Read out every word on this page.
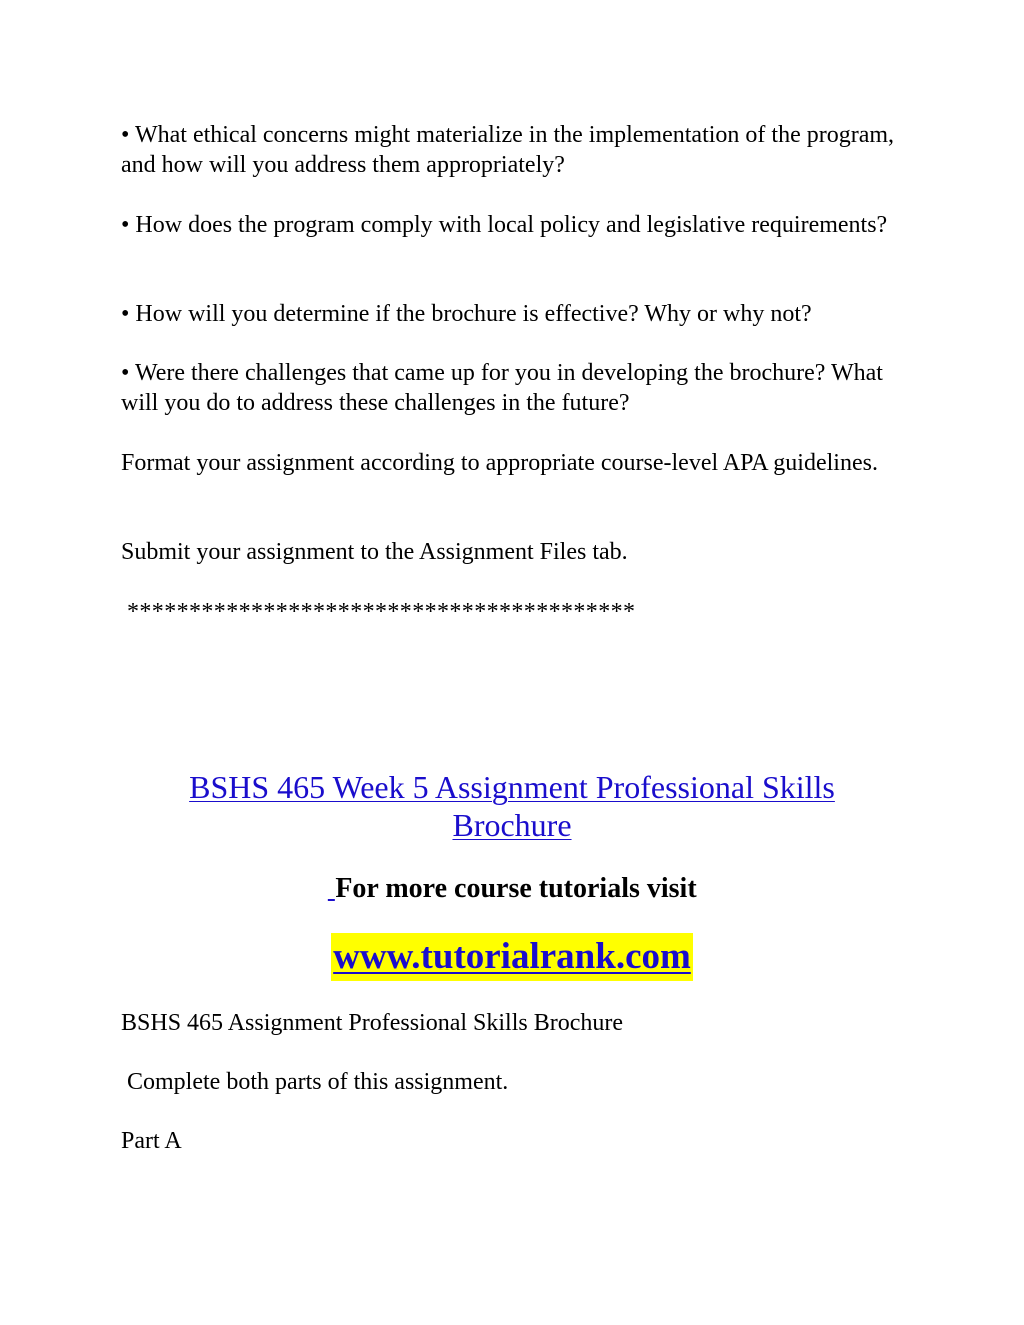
• What ethical concerns might materialize in the implementation of the program, and how will you address them appropriately?

• How does the program comply with local policy and legislative requirements?

• How will you determine if the brochure is effective? Why or why not?

• Were there challenges that came up for you in developing the brochure? What will you do to address these challenges in the future?

Format your assignment according to appropriate course-level APA guidelines.

Submit your assignment to the Assignment Files tab.

*****************************************

BSHS 465 Week 5 Assignment Professional Skills Brochure

For more course tutorials visit

www.tutorialrank.com

BSHS 465 Assignment Professional Skills Brochure

Complete both parts of this assignment.

Part A
